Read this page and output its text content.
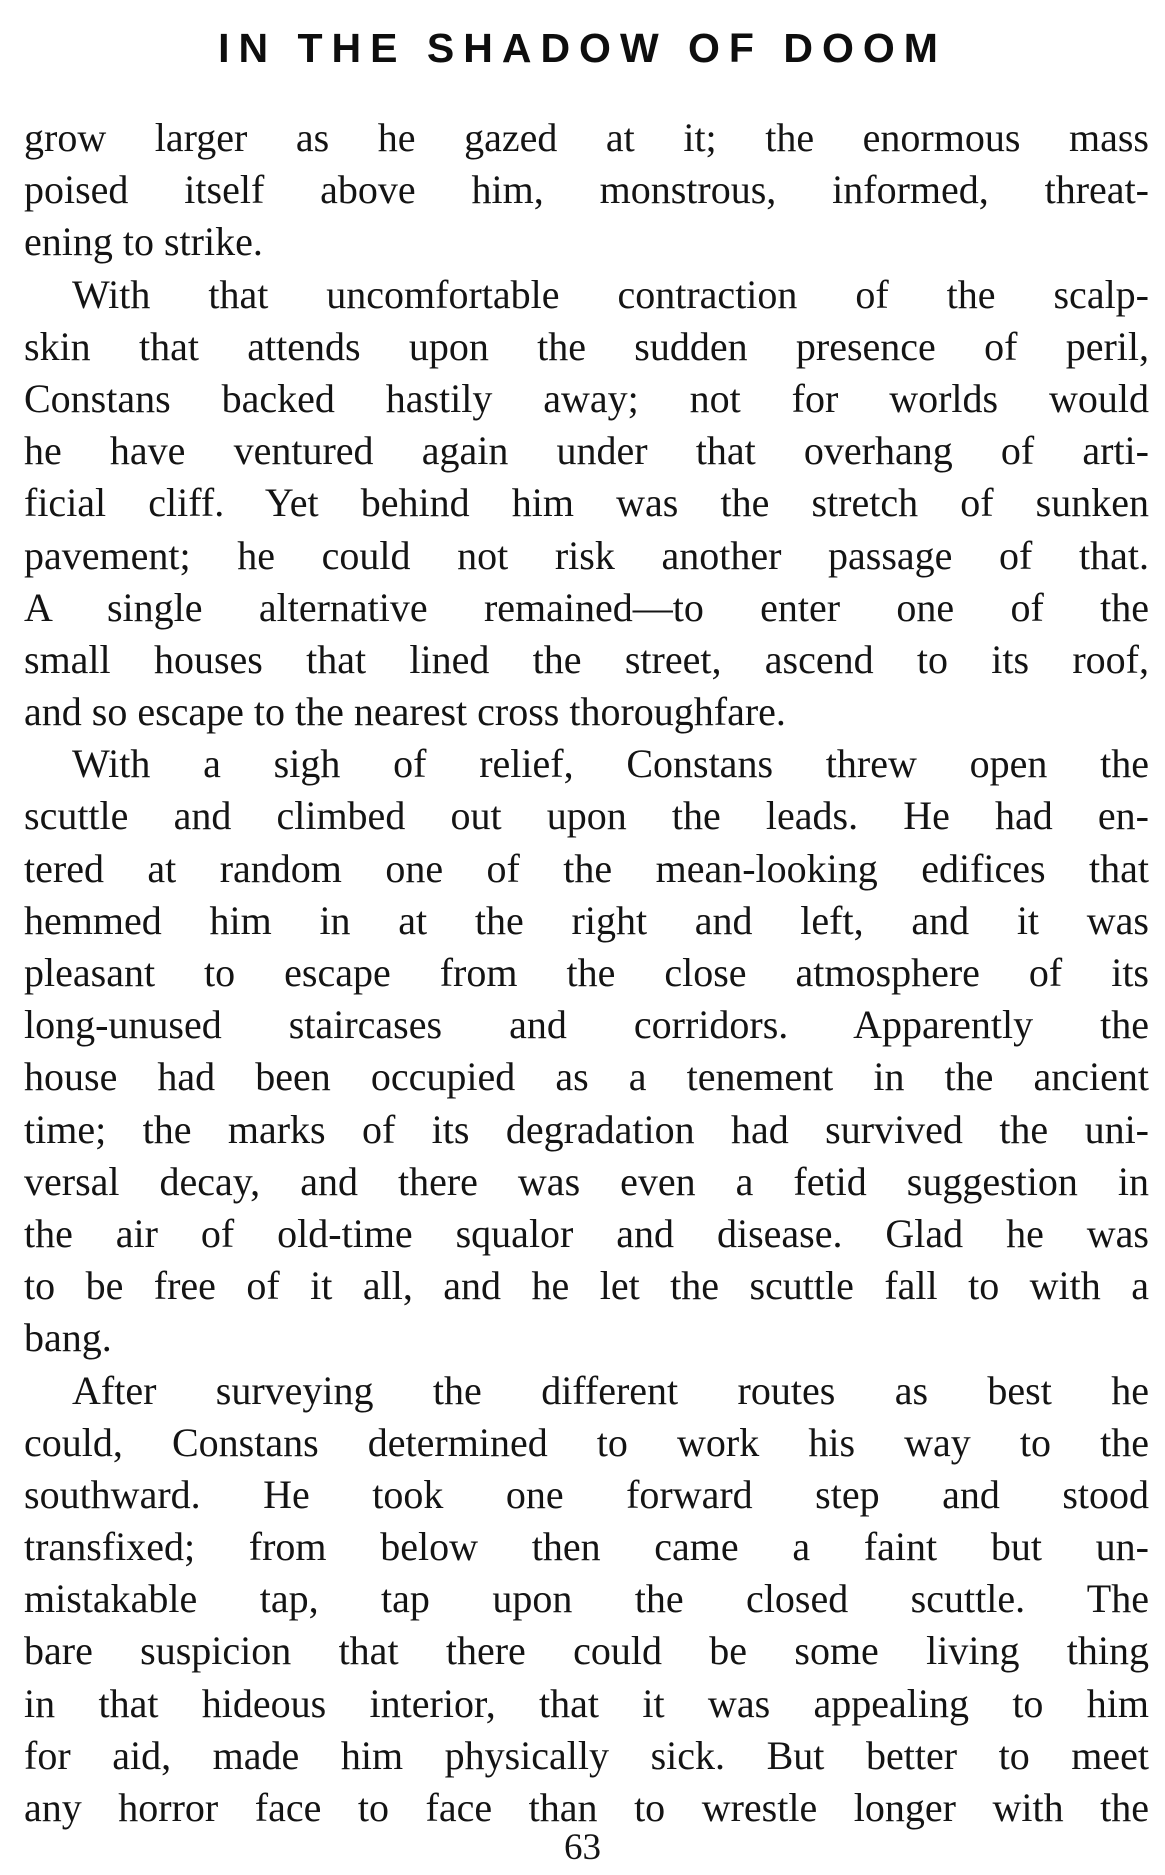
IN THE SHADOW OF DOOM
grow larger as he gazed at it; the enormous mass
poised itself above him, monstrous, informed, threat-
ening to strike.
With that uncomfortable contraction of the scalp-
skin that attends upon the sudden presence of peril,
Constans backed hastily away; not for worlds would
he have ventured again under that overhang of arti-
ficial cliff. Yet behind him was the stretch of sunken
pavement; he could not risk another passage of that.
A single alternative remained—to enter one of the
small houses that lined the street, ascend to its roof,
and so escape to the nearest cross thoroughfare.
With a sigh of relief, Constans threw open the
scuttle and climbed out upon the leads. He had en-
tered at random one of the mean-looking edifices that
hemmed him in at the right and left, and it was
pleasant to escape from the close atmosphere of its
long-unused staircases and corridors. Apparently the
house had been occupied as a tenement in the ancient
time; the marks of its degradation had survived the uni-
versal decay, and there was even a fetid suggestion in
the air of old-time squalor and disease. Glad he was
to be free of it all, and he let the scuttle fall to with a
bang.
After surveying the different routes as best he
could, Constans determined to work his way to the
southward. He took one forward step and stood
transfixed; from below then came a faint but un-
mistakable tap, tap upon the closed scuttle. The
bare suspicion that there could be some living thing
in that hideous interior, that it was appealing to him
for aid, made him physically sick. But better to meet
any horror face to face than to wrestle longer with the
63
